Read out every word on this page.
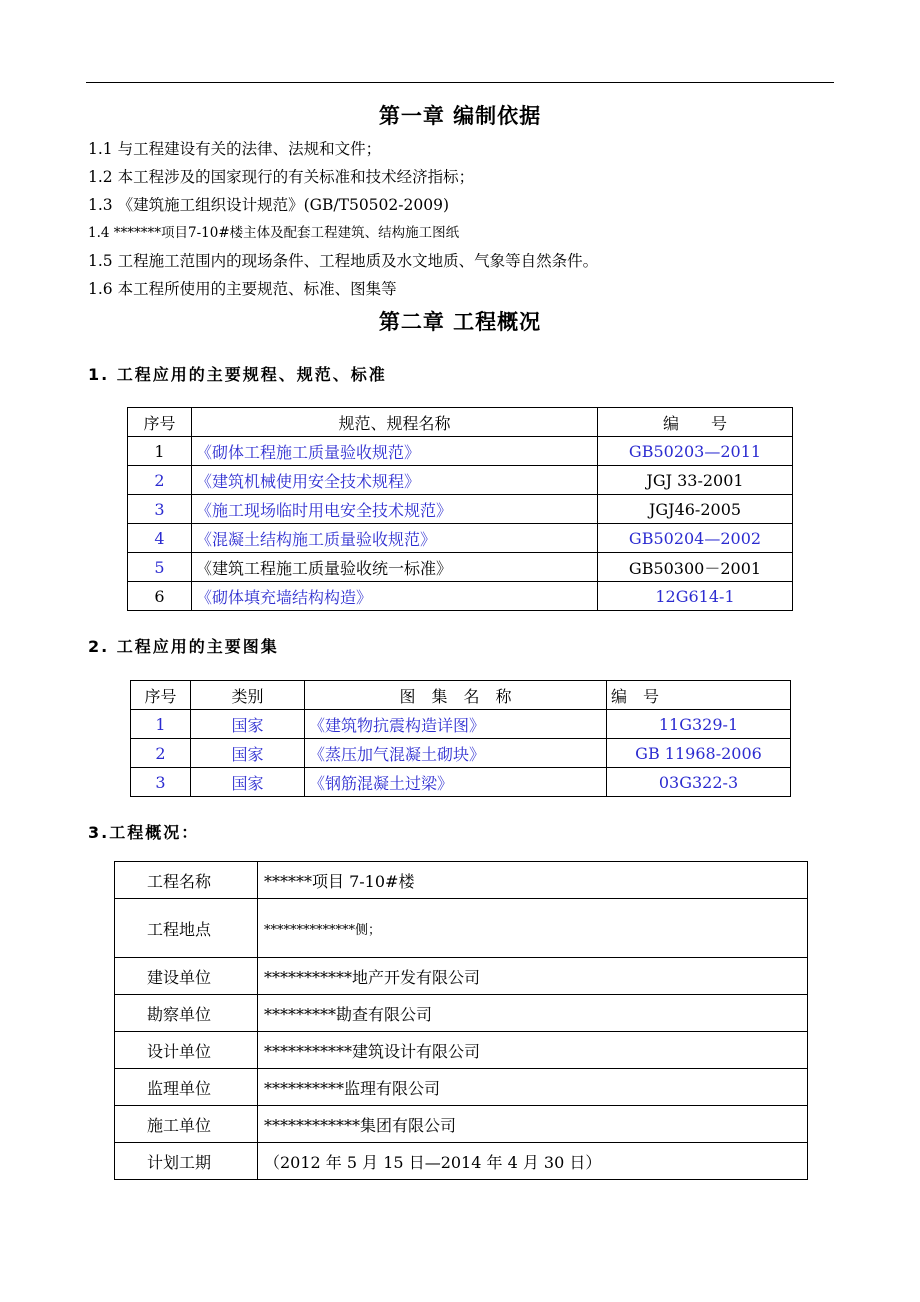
第一章 编制依据
1.1 与工程建设有关的法律、法规和文件；
1.2 本工程涉及的国家现行的有关标准和技术经济指标；
1.3 《建筑施工组织设计规范》(GB/T50502-2009)
1.4 *******项目7-10#楼主体及配套工程建筑、结构施工图纸
1.5 工程施工范围内的现场条件、工程地质及水文地质、气象等自然条件。
1.6 本工程所使用的主要规范、标准、图集等
第二章 工程概况
1. 工程应用的主要规程、规范、标准
序号	规范、规程名称	编　　号
1	《砌体工程施工质量验收规范》	GB50203—2011
2	《建筑机械使用安全技术规程》	JGJ 33-2001
3	《施工现场临时用电安全技术规范》	JGJ46-2005
4	《混凝土结构施工质量验收规范》	GB50204—2002
5	《建筑工程施工质量验收统一标准》	GB50300－2001
6	《砌体填充墙结构构造》	12G614-1
2. 工程应用的主要图集
序号	类别	图　集　名　称	编　号
1	国家	《建筑物抗震构造详图》	11G329-1
2	国家	《蒸压加气混凝土砌块》	GB 11968-2006
3	国家	《钢筋混凝土过梁》	03G322-3
3.工程概况：
工程名称	******项目 7-10#楼
工程地点	**************侧；
建设单位	***********地产开发有限公司
勘察单位	*********勘查有限公司
设计单位	***********建筑设计有限公司
监理单位	**********监理有限公司
施工单位	************集团有限公司
计划工期	（2012 年 5 月 15 日—2014 年 4 月 30 日）
